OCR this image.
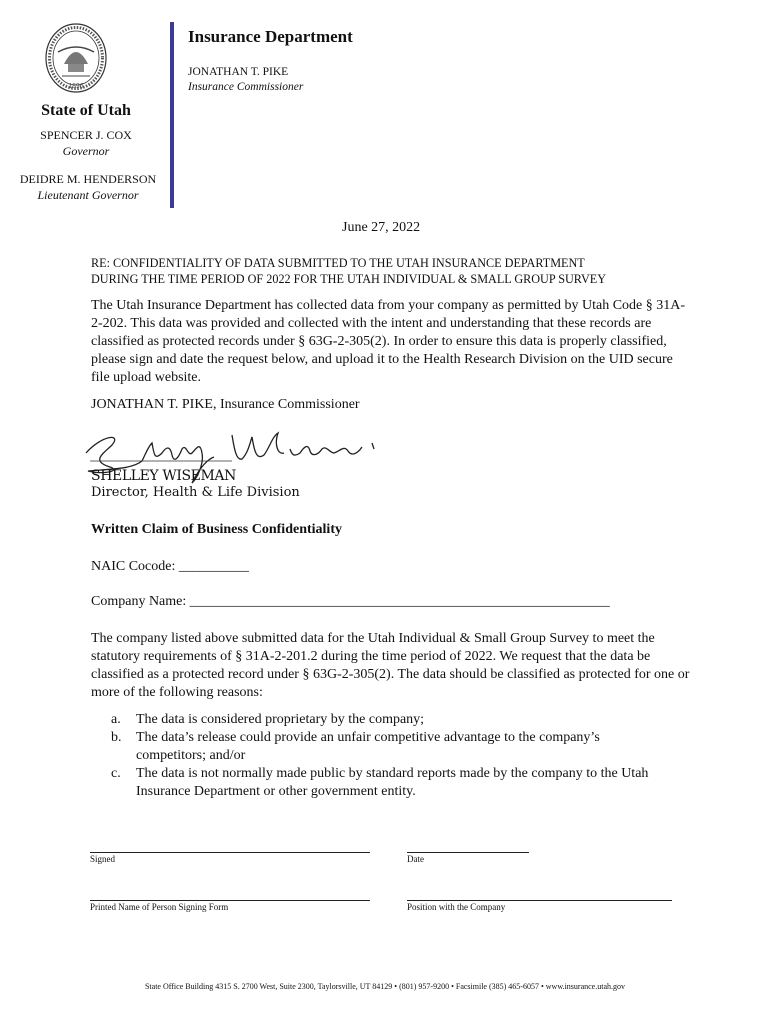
1896
State of Utah
SPENCER J. COX
Governor
DEIDRE M. HENDERSON
Lieutenant Governor
Insurance Department
JONATHAN T. PIKE
Insurance Commissioner
June 27, 2022
RE: CONFIDENTIALITY OF DATA SUBMITTED TO THE UTAH INSURANCE DEPARTMENT
DURING THE TIME PERIOD OF 2022 FOR THE UTAH INDIVIDUAL & SMALL GROUP SURVEY
The Utah Insurance Department has collected data from your company as permitted by Utah Code § 31A-2-202. This data was provided and collected with the intent and understanding that these records are classified as protected records under § 63G-2-305(2). In order to ensure this data is properly classified, please sign and date the request below, and upload it to the Health Research Division on the UID secure file upload website.
JONATHAN T. PIKE, Insurance Commissioner
SHELLEY WISEMAN
Director, Health & Life Division
Written Claim of Business Confidentiality
NAIC Cocode: __________
Company Name: ____________________________________________________________
The company listed above submitted data for the Utah Individual & Small Group Survey to meet the statutory requirements of § 31A-2-201.2 during the time period of 2022. We request that the data be classified as a protected record under § 63G-2-305(2). The data should be classified as protected for one or more of the following reasons:
a. The data is considered proprietary by the company;
b. The data’s release could provide an unfair competitive advantage to the company’s competitors; and/or
c. The data is not normally made public by standard reports made by the company to the Utah Insurance Department or other government entity.
Signed	Date
Printed Name of Person Signing Form	Position with the Company
State Office Building 4315 S. 2700 West, Suite 2300, Taylorsville, UT 84129 • (801) 957-9200 • Facsimile (385) 465-6057 • www.insurance.utah.gov
